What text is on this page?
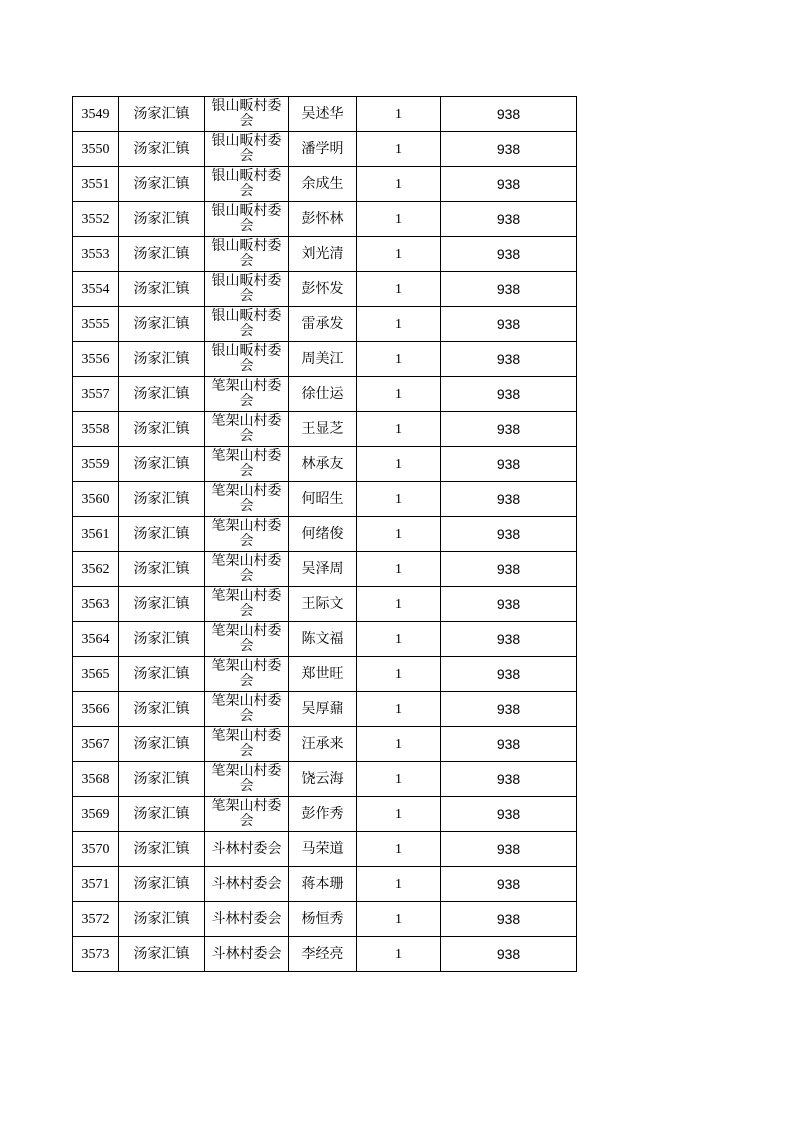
3549	汤家汇镇	银山畈村委会	吴述华	1	938
3550	汤家汇镇	银山畈村委会	潘学明	1	938
3551	汤家汇镇	银山畈村委会	余成生	1	938
3552	汤家汇镇	银山畈村委会	彭怀林	1	938
3553	汤家汇镇	银山畈村委会	刘光清	1	938
3554	汤家汇镇	银山畈村委会	彭怀发	1	938
3555	汤家汇镇	银山畈村委会	雷承发	1	938
3556	汤家汇镇	银山畈村委会	周美江	1	938
3557	汤家汇镇	笔架山村委会	徐仕运	1	938
3558	汤家汇镇	笔架山村委会	王显芝	1	938
3559	汤家汇镇	笔架山村委会	林承友	1	938
3560	汤家汇镇	笔架山村委会	何昭生	1	938
3561	汤家汇镇	笔架山村委会	何绪俊	1	938
3562	汤家汇镇	笔架山村委会	吴泽周	1	938
3563	汤家汇镇	笔架山村委会	王际文	1	938
3564	汤家汇镇	笔架山村委会	陈文福	1	938
3565	汤家汇镇	笔架山村委会	郑世旺	1	938
3566	汤家汇镇	笔架山村委会	吴厚鼐	1	938
3567	汤家汇镇	笔架山村委会	汪承来	1	938
3568	汤家汇镇	笔架山村委会	饶云海	1	938
3569	汤家汇镇	笔架山村委会	彭作秀	1	938
3570	汤家汇镇	斗林村委会	马荣道	1	938
3571	汤家汇镇	斗林村委会	蒋本珊	1	938
3572	汤家汇镇	斗林村委会	杨恒秀	1	938
3573	汤家汇镇	斗林村委会	李经亮	1	938
